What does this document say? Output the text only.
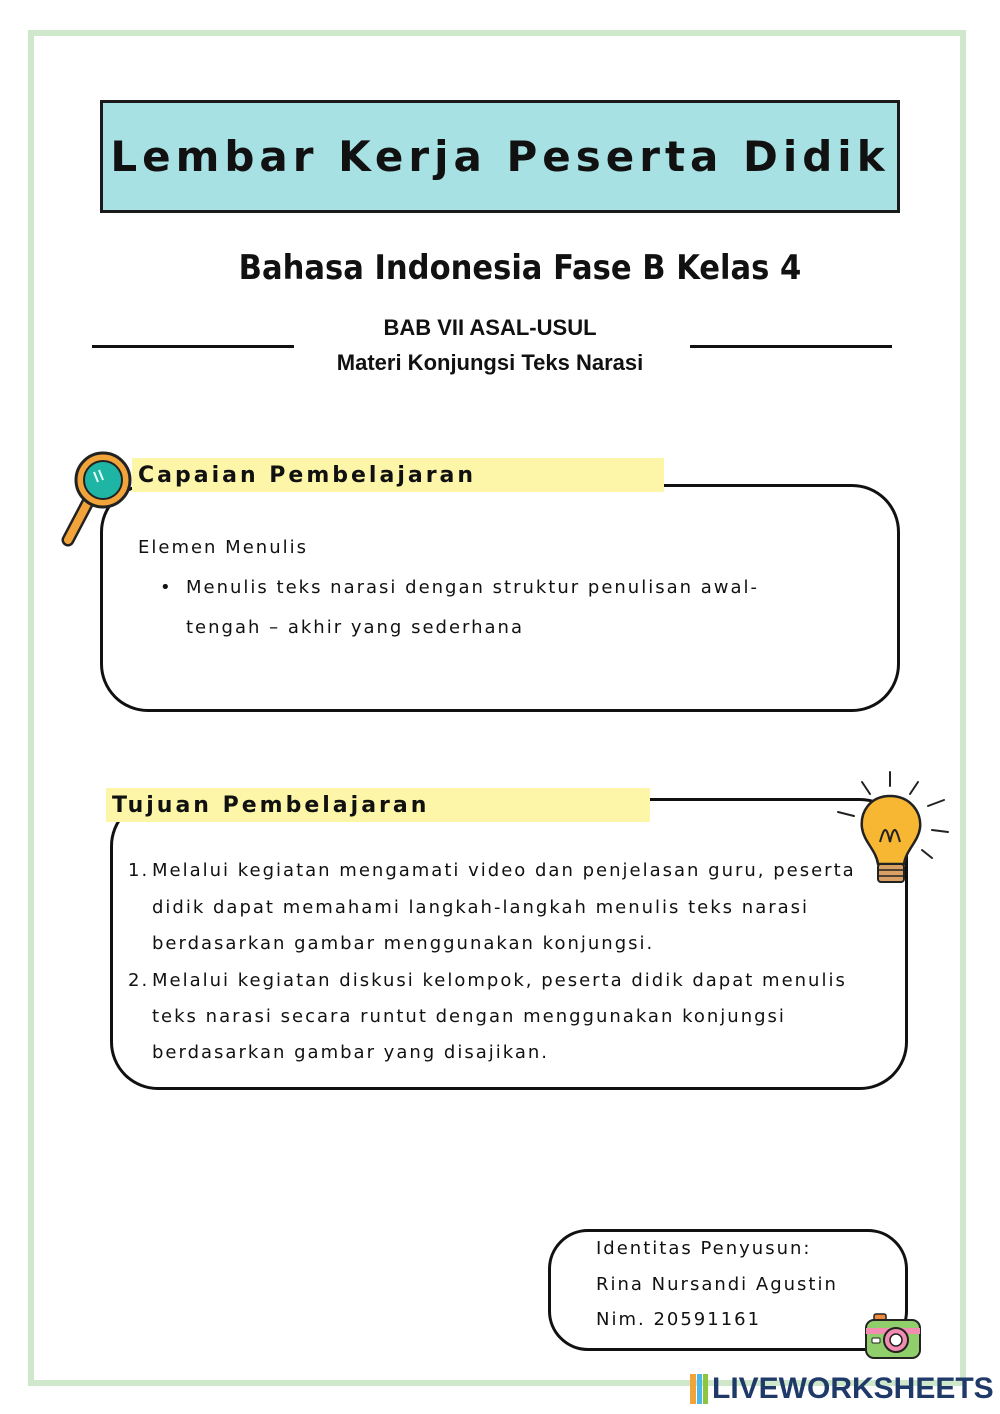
Lembar Kerja Peserta Didik
Bahasa Indonesia Fase B Kelas 4
BAB VII ASAL-USUL
Materi Konjungsi Teks Narasi
Capaian Pembelajaran
Elemen Menulis
• Menulis teks narasi dengan struktur penulisan awal-
tengah – akhir yang sederhana
Tujuan Pembelajaran
1. Melalui kegiatan mengamati video dan penjelasan guru, peserta
didik dapat memahami langkah-langkah menulis teks narasi
berdasarkan gambar menggunakan konjungsi.
2. Melalui kegiatan diskusi kelompok, peserta didik dapat menulis
teks narasi secara runtut dengan menggunakan konjungsi
berdasarkan gambar yang disajikan.
Identitas Penyusun:
Rina Nursandi Agustin
Nim. 20591161
LIVEWORKSHEETS
